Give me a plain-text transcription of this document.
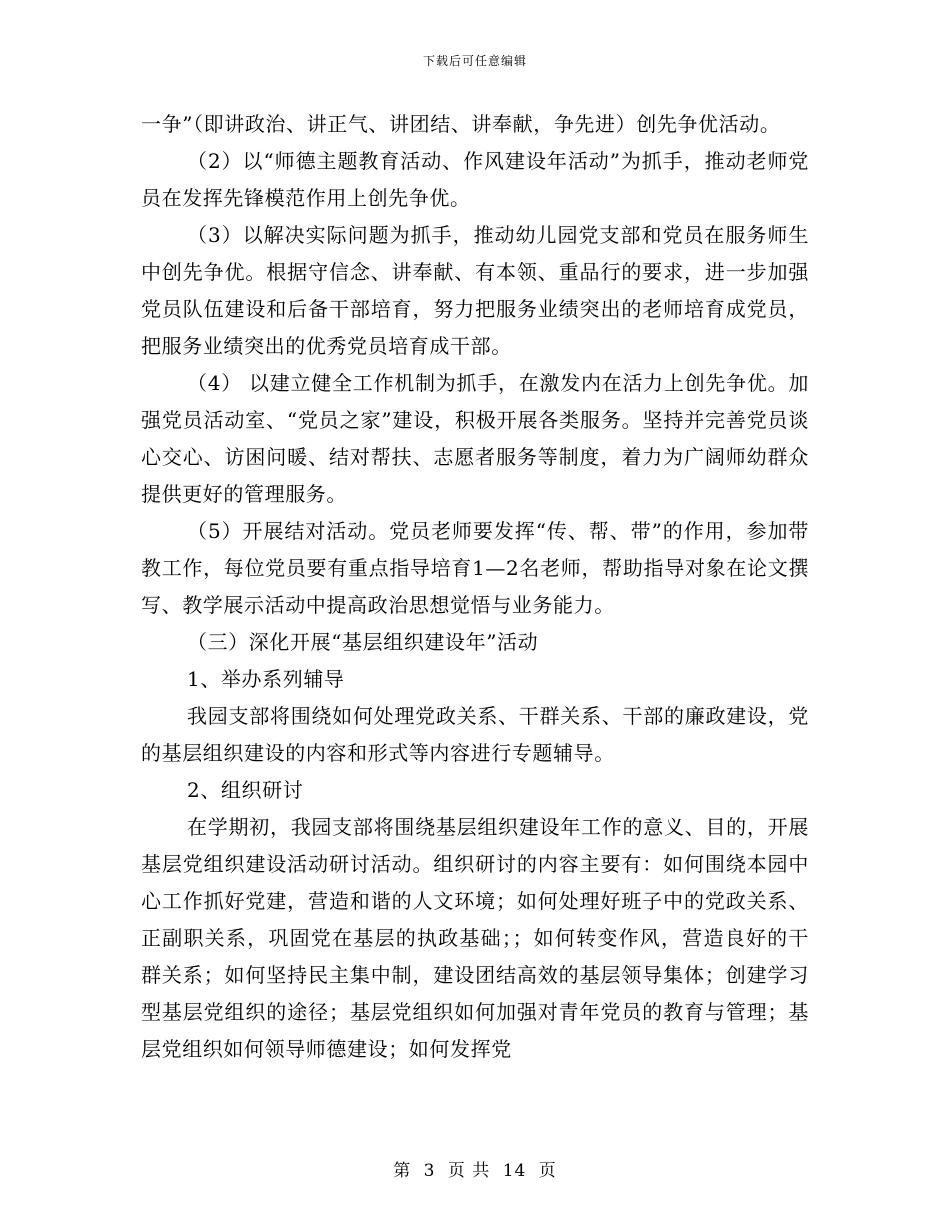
下载后可任意编辑

一争”（即讲政治、讲正气、讲团结、讲奉献，争先进）创先争优活动。

（2）以“师德主题教育活动、作风建设年活动”为抓手，推动老师党员在发挥先锋模范作用上创先争优。

（3）以解决实际问题为抓手，推动幼儿园党支部和党员在服务师生中创先争优。根据守信念、讲奉献、有本领、重品行的要求，进一步加强党员队伍建设和后备干部培育，努力把服务业绩突出的老师培育成党员，把服务业绩突出的优秀党员培育成干部。

（4） 以建立健全工作机制为抓手，在激发内在活力上创先争优。加强党员活动室、“党员之家”建设，积极开展各类服务。坚持并完善党员谈心交心、访困问暖、结对帮扶、志愿者服务等制度，着力为广阔师幼群众提供更好的管理服务。

（5）开展结对活动。党员老师要发挥“传、帮、带”的作用，参加带教工作，每位党员要有重点指导培育1—2名老师，帮助指导对象在论文撰写、教学展示活动中提高政治思想觉悟与业务能力。

（三）深化开展“基层组织建设年”活动

1、举办系列辅导

我园支部将围绕如何处理党政关系、干群关系、干部的廉政建设，党的基层组织建设的内容和形式等内容进行专题辅导。

2、组织研讨

在学期初，我园支部将围绕基层组织建设年工作的意义、目的，开展基层党组织建设活动研讨活动。组织研讨的内容主要有：如何围绕本园中心工作抓好党建，营造和谐的人文环境；如何处理好班子中的党政关系、正副职关系，巩固党在基层的执政基础；；如何转变作风，营造良好的干群关系；如何坚持民主集中制，建设团结高效的基层领导集体；创建学习型基层党组织的途径；基层党组织如何加强对青年党员的教育与管理；基层党组织如何领导师德建设；如何发挥党

第 3 页 共 14 页
